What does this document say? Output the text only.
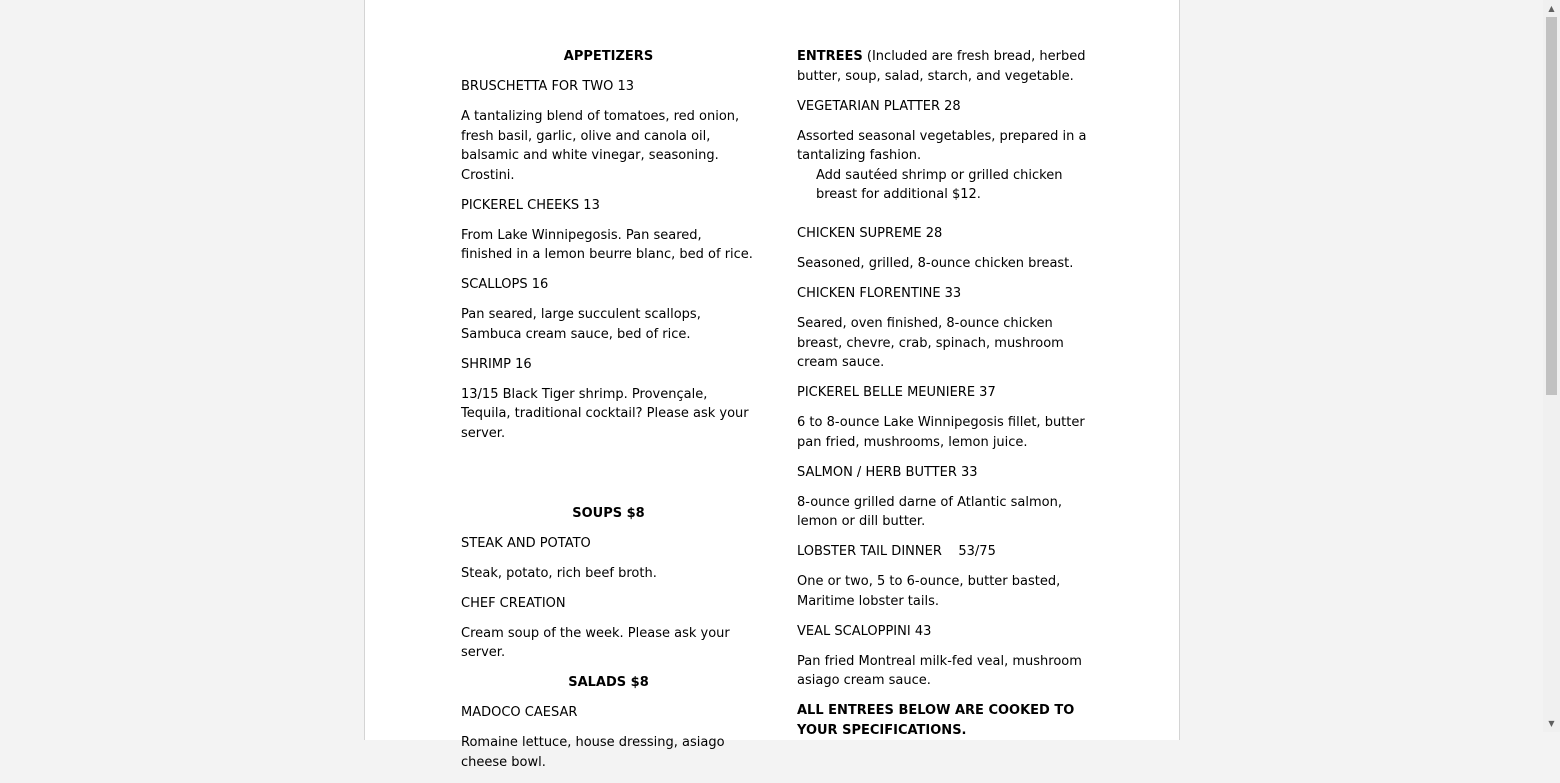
APPETIZERS

BRUSCHETTA FOR TWO 13

A tantalizing blend of tomatoes, red onion, fresh basil, garlic, olive and canola oil, balsamic and white vinegar, seasoning. Crostini.

PICKEREL CHEEKS 13

From Lake Winnipegosis. Pan seared, finished in a lemon beurre blanc, bed of rice.

SCALLOPS 16

Pan seared, large succulent scallops, Sambuca cream sauce, bed of rice.

SHRIMP 16

13/15 Black Tiger shrimp. Provençale, Tequila, traditional cocktail? Please ask your server.

SOUPS $8

STEAK AND POTATO

Steak, potato, rich beef broth.

CHEF CREATION

Cream soup of the week. Please ask your server.

SALADS $8

MADOCO CAESAR

Romaine lettuce, house dressing, asiago cheese bowl.

ENTREES (Included are fresh bread, herbed butter, soup, salad, starch, and vegetable.

VEGETARIAN PLATTER 28

Assorted seasonal vegetables, prepared in a tantalizing fashion.

Add sautéed shrimp or grilled chicken breast for additional $12.

CHICKEN SUPREME 28

Seasoned, grilled, 8-ounce chicken breast.

CHICKEN FLORENTINE 33

Seared, oven finished, 8-ounce chicken breast, chevre, crab, spinach, mushroom cream sauce.

PICKEREL BELLE MEUNIERE 37

6 to 8-ounce Lake Winnipegosis fillet, butter pan fried, mushrooms, lemon juice.

SALMON / HERB BUTTER 33

8-ounce grilled darne of Atlantic salmon, lemon or dill butter.

LOBSTER TAIL DINNER    53/75

One or two, 5 to 6-ounce, butter basted, Maritime lobster tails.

VEAL SCALOPPINI 43

Pan fried Montreal milk-fed veal, mushroom asiago cream sauce.

ALL ENTREES BELOW ARE COOKED TO YOUR SPECIFICATIONS.

▲
▼
